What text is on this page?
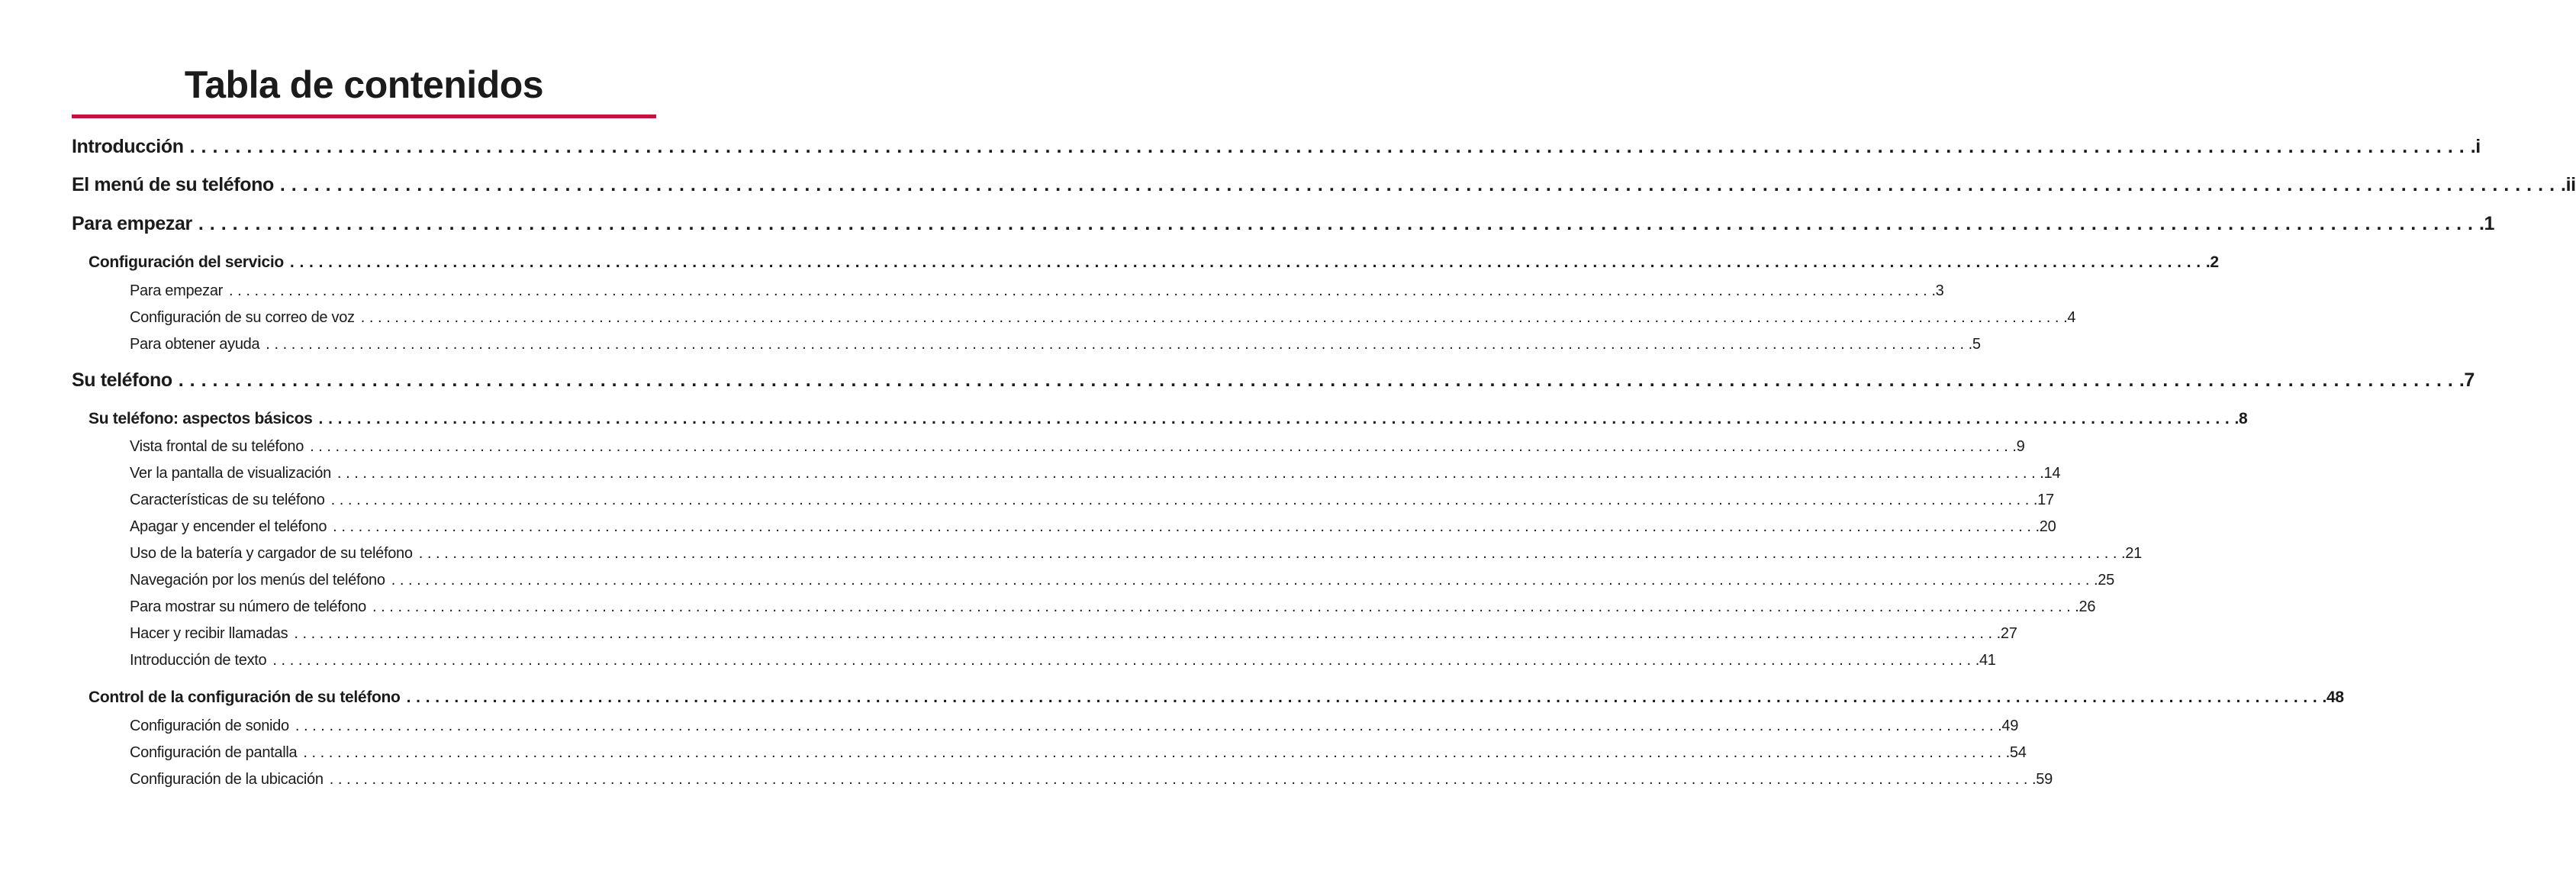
Tabla de contenidos
Introducción ........................................................................................................................................................................................................ .i
El menú de su teléfono ........................................................................................................................................................................................................ .ii
Para empezar ........................................................................................................................................................................................................ .1
Configuración del servicio ........................................................................................................................................................................................................ .2
Para empezar ........................................................................................................................................................................................................ .3
Configuración de su correo de voz ........................................................................................................................................................................................................ .4
Para obtener ayuda ........................................................................................................................................................................................................ .5
Su teléfono ........................................................................................................................................................................................................ .7
Su teléfono: aspectos básicos ........................................................................................................................................................................................................ .8
Vista frontal de su teléfono ........................................................................................................................................................................................................ .9
Ver la pantalla de visualización ........................................................................................................................................................................................................ .14
Características de su teléfono ........................................................................................................................................................................................................ .17
Apagar y encender el teléfono ........................................................................................................................................................................................................ .20
Uso de la batería y cargador de su teléfono ........................................................................................................................................................................................................ .21
Navegación por los menús del teléfono ........................................................................................................................................................................................................ .25
Para mostrar su número de teléfono ........................................................................................................................................................................................................ .26
Hacer y recibir llamadas ........................................................................................................................................................................................................ .27
Introducción de texto ........................................................................................................................................................................................................ .41
Control de la configuración de su teléfono ........................................................................................................................................................................................................ .48
Configuración de sonido ........................................................................................................................................................................................................ .49
Configuración de pantalla ........................................................................................................................................................................................................ .54
Configuración de la ubicación ........................................................................................................................................................................................................ .59
